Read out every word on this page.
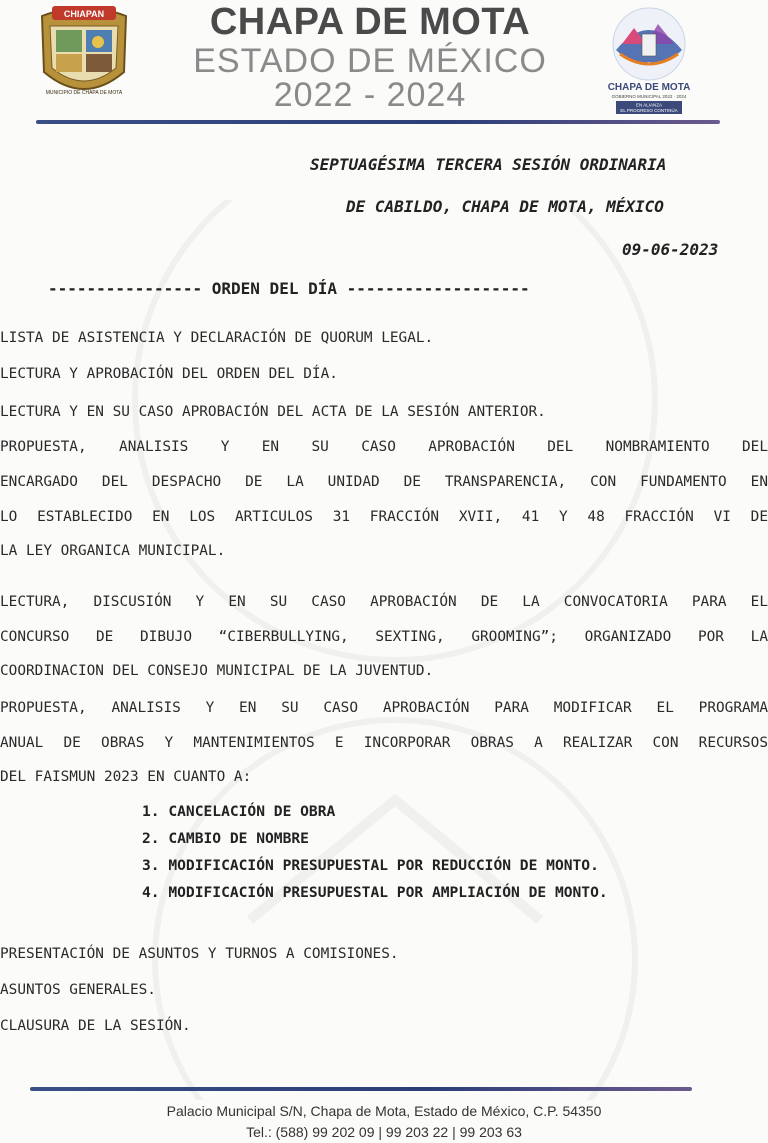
CHIAPAN
MUNICIPIO DE CHAPA DE MOTA
CHAPA DE MOTA
ESTADO DE MÉXICO
2022 - 2024	CHAPA DE MOTA
GOBIERNO MUNICIPAL 2022 · 2024
EN ALIANZA
EL PROGRESO CONTINÚA
SEPTUAGÉSIMA TERCERA SESIÓN ORDINARIA
DE CABILDO, CHAPA DE MOTA, MÉXICO
09-06-2023
---------------- ORDEN DEL DÍA -------------------
LISTA DE ASISTENCIA Y DECLARACIÓN DE QUORUM LEGAL.
LECTURA Y APROBACIÓN DEL ORDEN DEL DÍA.
LECTURA Y EN SU CASO APROBACIÓN DEL ACTA DE LA SESIÓN ANTERIOR.
PROPUESTA, ANALISIS Y EN SU CASO APROBACIÓN DEL NOMBRAMIENTO DEL
ENCARGADO DEL DESPACHO DE LA UNIDAD DE TRANSPARENCIA, CON FUNDAMENTO EN
LO ESTABLECIDO EN LOS ARTICULOS 31 FRACCIÓN XVII, 41 Y 48 FRACCIÓN VI DE
LA LEY ORGANICA MUNICIPAL.
LECTURA, DISCUSIÓN Y EN SU CASO APROBACIÓN DE LA CONVOCATORIA PARA EL
CONCURSO DE DIBUJO “CIBERBULLYING, SEXTING, GROOMING”; ORGANIZADO POR LA
COORDINACION DEL CONSEJO MUNICIPAL DE LA JUVENTUD.
PROPUESTA, ANALISIS Y EN SU CASO APROBACIÓN PARA MODIFICAR EL PROGRAMA
ANUAL DE OBRAS Y MANTENIMIENTOS E INCORPORAR OBRAS A REALIZAR CON RECURSOS
DEL FAISMUN 2023 EN CUANTO A:
1. CANCELACIÓN DE OBRA
2. CAMBIO DE NOMBRE
3. MODIFICACIÓN PRESUPUESTAL POR REDUCCIÓN DE MONTO.
4. MODIFICACIÓN PRESUPUESTAL POR AMPLIACIÓN DE MONTO.
PRESENTACIÓN DE ASUNTOS Y TURNOS A COMISIONES.
ASUNTOS GENERALES.
CLAUSURA DE LA SESIÓN.
Palacio Municipal S/N, Chapa de Mota, Estado de México, C.P. 54350
Tel.: (588) 99 202 09 | 99 203 22 | 99 203 63
